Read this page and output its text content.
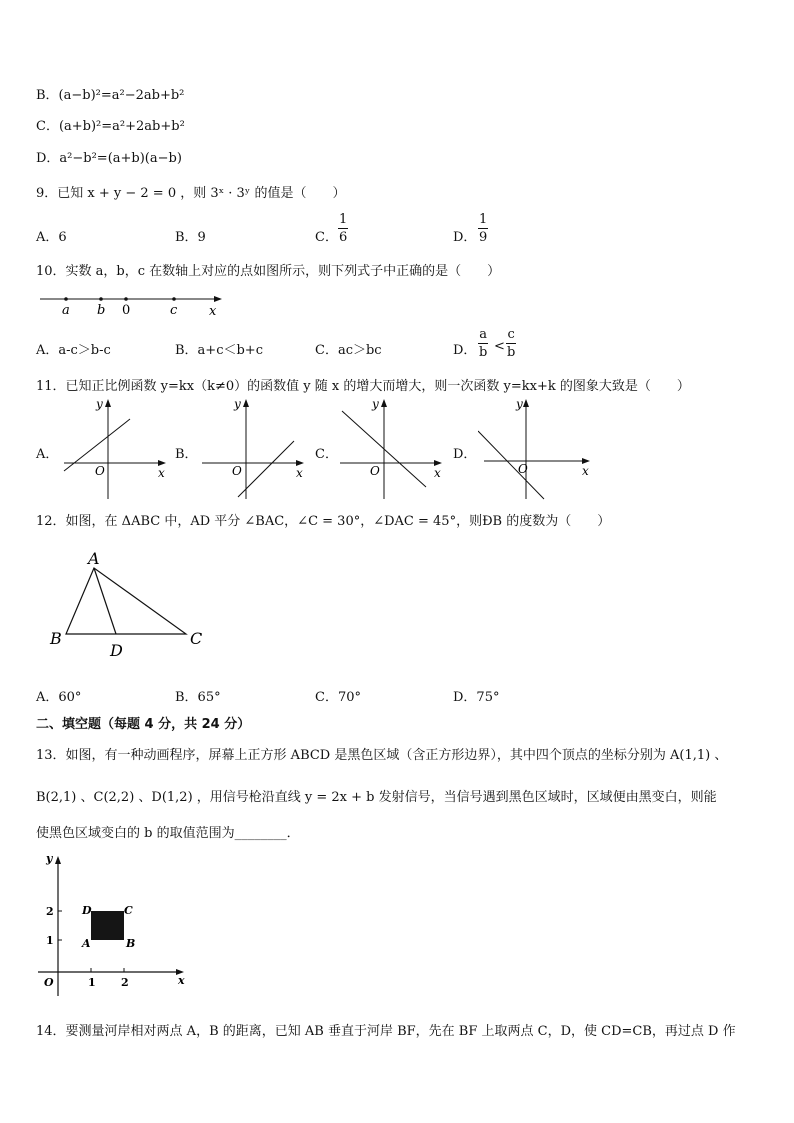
B．(a−b)²=a²−2ab+b²
C．(a+b)²=a²+2ab+b²
D．a²−b²=(a+b)(a−b)
9．已知 x + y − 2 = 0 ，则 3ˣ · 3ʸ 的值是（　　）
A．6	B．9	C．
1
6	D．
1
9
10．实数 a，b，c 在数轴上对应的点如图所示，则下列式子中正确的是（　　）
a b 0	c x
A．a-c＞b-c	B．a+c＜b+c	C．ac＞bc	D．
a
b <
c
b
11．已知正比例函数 y=kx（k≠0）的函数值 y 随 x 的增大而增大，则一次函数 y=kx+k 的图象大致是（　　）
A．
y
x
O
B．
y
x
O
C．
y
x
O
D．
y
x
O
12．如图，在 ΔABC 中，AD 平分 ∠BAC，∠C = 30°，∠DAC = 45°，则ÐB 的度数为（　　）
A
B	C
D
A．60°	B．65°	C．70°	D．75°
二、填空题（每题 4 分，共 24 分）
13．如图，有一种动画程序，屏幕上正方形 ABCD 是黑色区域（含正方形边界），其中四个顶点的坐标分别为 A(1,1) 、
B(2,1) 、C(2,2) 、D(1,2) ，用信号枪沿直线 y = 2x + b 发射信号，当信号遇到黑色区域时，区域便由黑变白，则能
使黑色区域变白的 b 的取值范围为________．
y
x
O	1 2
1
2
A	B
C
D
14．要测量河岸相对两点 A，B 的距离，已知 AB 垂直于河岸 BF，先在 BF 上取两点 C，D，使 CD=CB，再过点 D 作
